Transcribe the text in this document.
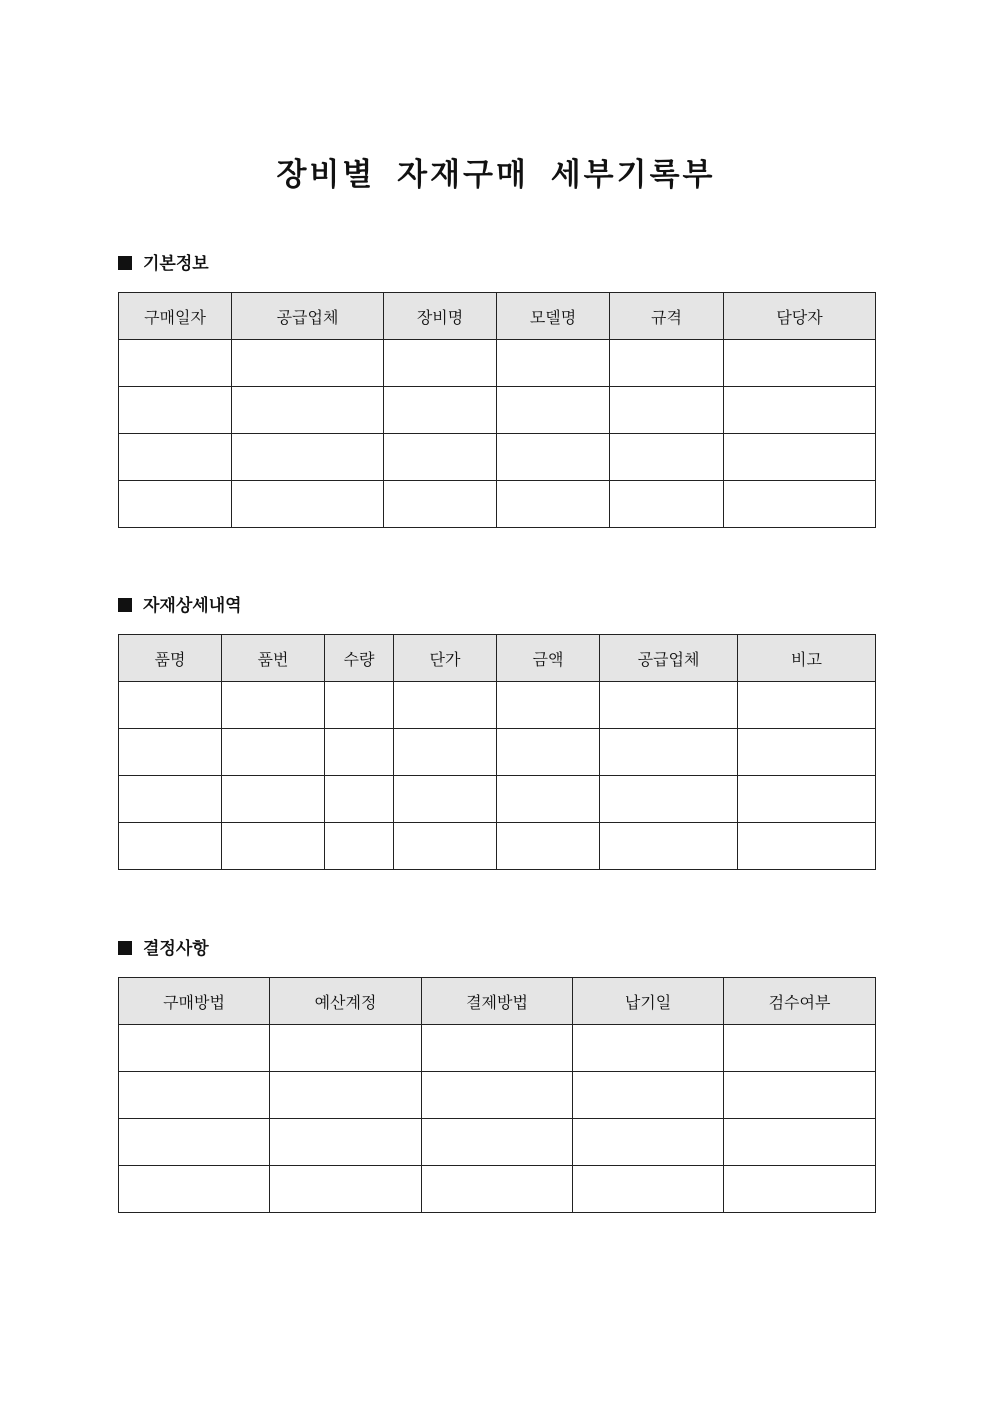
장비별 자재구매 세부기록부
기본정보
구매일자	공급업체	장비명	모델명	규격	담당자

자재상세내역
품명	품번	수량	단가	금액	공급업체	비고

결정사항
구매방법	예산계정	결제방법	납기일	검수여부
